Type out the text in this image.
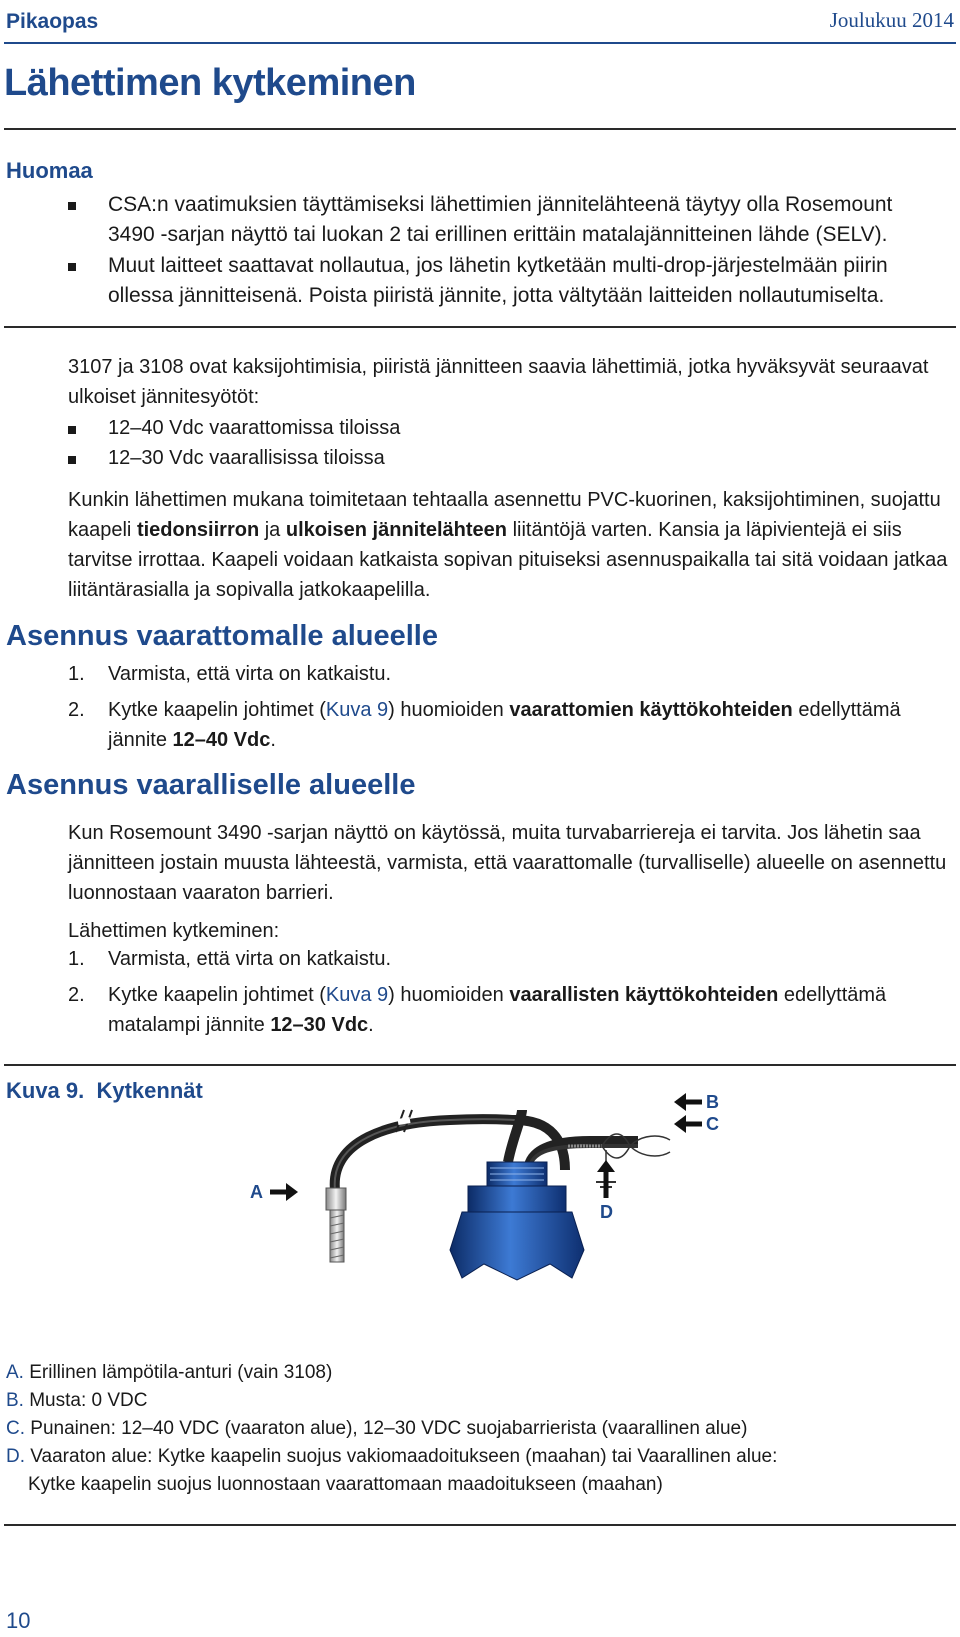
Pikaopas	Joulukuu 2014
Lähettimen kytkeminen
Huomaa
CSA:n vaatimuksien täyttämiseksi lähettimien jännitelähteenä täytyy olla Rosemount 3490 -sarjan näyttö tai luokan 2 tai erillinen erittäin matalajännitteinen lähde (SELV).
Muut laitteet saattavat nollautua, jos lähetin kytketään multi-drop-järjestelmään piirin ollessa jännitteisenä. Poista piiristä jännite, jotta vältytään laitteiden nollautumiselta.

3107 ja 3108 ovat kaksijohtimisia, piiristä jännitteen saavia lähettimiä, jotka hyväksyvät seuraavat ulkoiset jännitesyötöt:

12–40 Vdc vaarattomissa tiloissa
12–30 Vdc vaarallisissa tiloissa

Kunkin lähettimen mukana toimitetaan tehtaalla asennettu PVC-kuorinen, kaksijohtiminen, suojattu kaapeli tiedonsiirron ja ulkoisen jännitelähteen liitäntöjä varten. Kansia ja läpivientejä ei siis tarvitse irrottaa. Kaapeli voidaan katkaista sopivan pituiseksi asennuspaikalla tai sitä voidaan jatkaa liitäntärasialla ja sopivalla jatkokaapelilla.

Asennus vaarattomalle alueelle
1. Varmista, että virta on katkaistu.
2. Kytke kaapelin johtimet (Kuva 9) huomioiden vaarattomien käyttökohteiden edellyttämä jännite 12–40 Vdc.
Asennus vaaralliselle alueelle

Kun Rosemount 3490 -sarjan näyttö on käytössä, muita turvabarriereja ei tarvita. Jos lähetin saa jännitteen jostain muusta lähteestä, varmista, että vaarattomalle (turvalliselle) alueelle on asennettu luonnostaan vaaraton barrieri.

Lähettimen kytkeminen:

1. Varmista, että virta on katkaistu.
2. Kytke kaapelin johtimet (Kuva 9) huomioiden vaarallisten käyttökohteiden edellyttämä matalampi jännite 12–30 Vdc.
Kuva 9.  Kytkennät
A
B
C
D
A. Erillinen lämpötila-anturi (vain 3108)
B. Musta: 0 VDC
C. Punainen: 12–40 VDC (vaaraton alue), 12–30 VDC suojabarrierista (vaarallinen alue)
D. Vaaraton alue: Kytke kaapelin suojus vakiomaadoitukseen (maahan) tai Vaarallinen alue:
Kytke kaapelin suojus luonnostaan vaarattomaan maadoitukseen (maahan)
10
